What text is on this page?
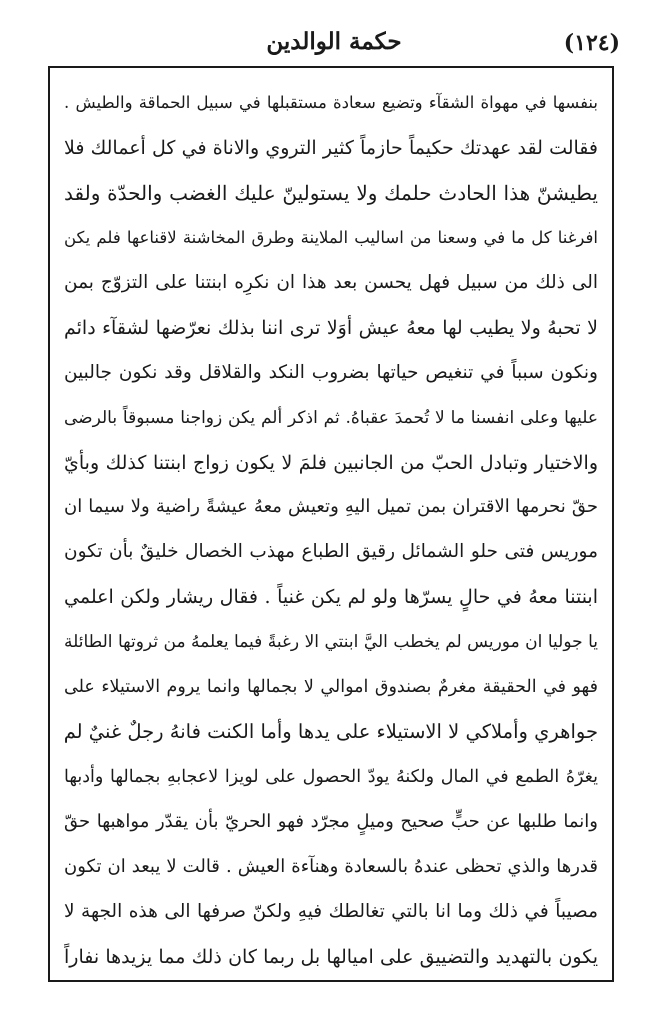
(١٢٤)
حكمة الوالدين
بنفسها في مهواة الشقآء وتضيع سعادة مستقبلها في سبيل الحماقة والطيش .
فقالت لقد عهدتك حكيماً حازماً كثير التروي والاناة في كل أعمالك فلا
يطيشنّ هذا الحادث حلمك ولا يستولينّ عليك الغضب والحدّة ولقد
افرغنا كل ما في وسعنا من اساليب الملاينة وطرق المخاشنة لاقناعها فلم يكن
الى ذلك من سبيل فهل يحسن بعد هذا ان نكرِه ابنتنا على التزوّج بمن
لا تحبهُ ولا يطيب لها معهُ عيش أوَلا ترى اننا بذلك نعرّضها لشقآء دائم
ونكون سبباً في تنغيص حياتها بضروب النكد والقلاقل وقد نكون جالبين
عليها وعلى انفسنا ما لا تُحمدَ عقباهُ. ثم اذكر ألم يكن زواجنا مسبوقاً بالرضى
والاختيار وتبادل الحبّ من الجانبين فلمَ لا يكون زواج ابنتنا كذلك وبأيّ
حقّ نحرمها الاقتران بمن تميل اليهِ وتعيش معهُ عيشةً راضية ولا سيما ان
موريس فتى حلو الشمائل رقيق الطباع مهذب الخصال خليقٌ بأن تكون
ابنتنا معهُ في حالٍ يسرّها ولو لم يكن غنياً . فقال ريشار ولكن اعلمي
يا جوليا ان موريس لم يخطب اليَّ ابنتي الا رغبةً فيما يعلمهُ من ثروتها الطائلة
فهو في الحقيقة مغرمٌ بصندوق اموالي لا بجمالها وانما يروم الاستيلاء على
جواهري وأملاكي لا الاستيلاء على يدها وأما الكنت فانهُ رجلٌ غنيٌ لم
يغرّهُ الطمع في المال ولكنهُ يودّ الحصول على لويزا لاعجابهِ بجمالها وأدبها
وانما طلبها عن حبٍّ صحيح وميلٍ مجرّد فهو الحريّ بأن يقدّر مواهبها حقّ
قدرها والذي تحظى عندهُ بالسعادة وهنآءة العيش . قالت لا يبعد ان تكون
مصيباً في ذلك وما انا بالتي تغالطك فيهِ ولكنّ صرفها الى هذه الجهة لا
يكون بالتهديد والتضييق على اميالها بل ربما كان ذلك مما يزيدها نفاراً
